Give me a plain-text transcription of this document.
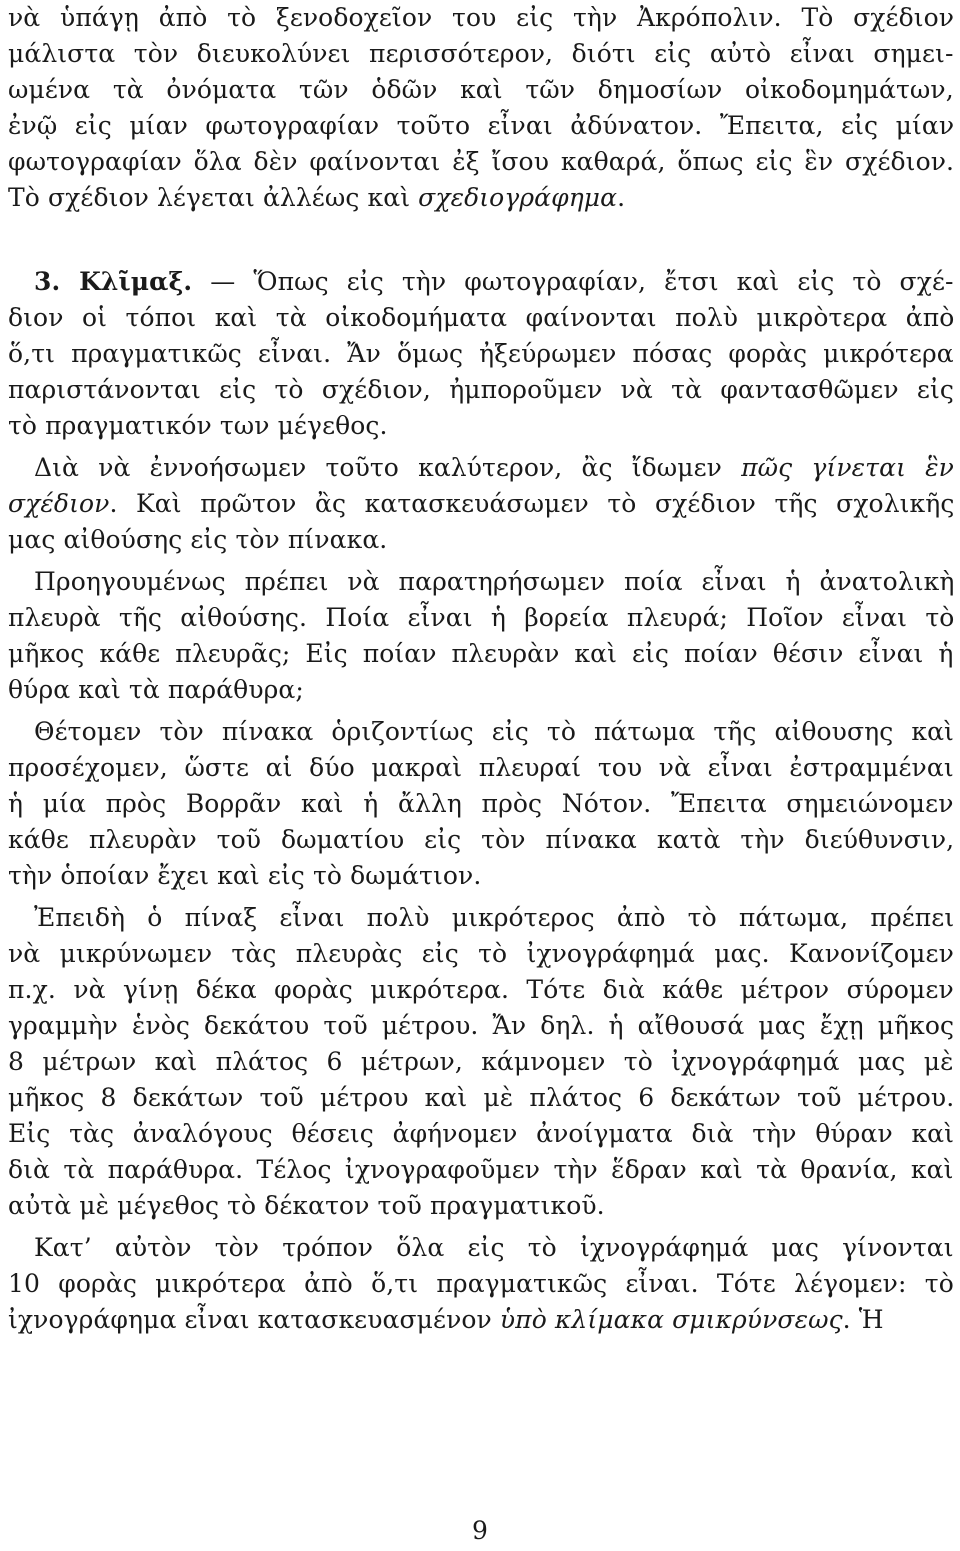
νὰ ὑπάγῃ ἀπὸ τὸ ξενοδοχεῖον του εἰς τὴν Ἀκρόπολιν. Τὸ σχέδιον
μάλιστα τὸν διευκολύνει περισσότερον, διότι εἰς αὐτὸ εἶναι σημει-
ωμένα τὰ ὀνόματα τῶν ὁδῶν καὶ τῶν δημοσίων οἰκοδομημάτων,
ἐνῷ εἰς μίαν φωτογραφίαν τοῦτο εἶναι ἀδύνατον. Ἔπειτα, εἰς μίαν
φωτογραφίαν ὅλα δὲν φαίνονται ἐξ ἴσου καθαρά, ὅπως εἰς ἓν σχέδιον.
Τὸ σχέδιον λέγεται ἀλλέως καὶ σχεδιογράφημα.
3. Κλῖμαξ. — Ὅπως εἰς τὴν φωτογραφίαν, ἔτσι καὶ εἰς τὸ σχέ-
διον οἱ τόποι καὶ τὰ οἰκοδομήματα φαίνονται πολὺ μικρὸτερα ἀπὸ
ὅ,τι πραγματικῶς εἶναι. Ἄν ὅμως ἠξεύρωμεν πόσας φορὰς μικρότερα
παριστάνονται εἰς τὸ σχέδιον, ἠμποροῦμεν νὰ τὰ φαντασθῶμεν εἰς
τὸ πραγματικόν των μέγεθος.
Διὰ νὰ ἐννοήσωμεν τοῦτο καλύτερον, ἂς ἴδωμεν πῶς γίνεται ἓν
σχέδιον. Καὶ πρῶτον ἂς κατασκευάσωμεν τὸ σχέδιον τῆς σχολικῆς
μας αἰθούσης εἰς τὸν πίνακα.
Προηγουμένως πρέπει νὰ παρατηρήσωμεν ποία εἶναι ἡ ἀνατολικὴ
πλευρὰ τῆς αἰθούσης. Ποία εἶναι ἡ βορεία πλευρά; Ποῖον εἶναι τὸ
μῆκος κάθε πλευρᾶς; Εἰς ποίαν πλευρὰν καὶ εἰς ποίαν θέσιν εἶναι ἡ
θύρα καὶ τὰ παράθυρα;
Θέτομεν τὸν πίνακα ὁριζοντίως εἰς τὸ πάτωμα τῆς αἰθουσης καὶ
προσέχομεν, ὥστε αἱ δύο μακραὶ πλευραί του νὰ εἶναι ἐστραμμέναι
ἡ μία πρὸς Βορρᾶν καὶ ἡ ἄλλη πρὸς Νότον. Ἔπειτα σημειώνομεν
κάθε πλευρὰν τοῦ δωματίου εἰς τὸν πίνακα κατὰ τὴν διεύθυνσιν,
τὴν ὁποίαν ἔχει καὶ εἰς τὸ δωμάτιον.
Ἐπειδὴ ὁ πίναξ εἶναι πολὺ μικρότερος ἀπὸ τὸ πάτωμα, πρέπει
νὰ μικρύνωμεν τὰς πλευρὰς εἰς τὸ ἰχνογράφημά μας. Κανονίζομεν
π.χ. νὰ γίνῃ δέκα φορὰς μικρότερα. Τότε διὰ κάθε μέτρον σύρομεν
γραμμὴν ἑνὸς δεκάτου τοῦ μέτρου. Ἄν δηλ. ἡ αἴθουσά μας ἔχῃ μῆκος
8 μέτρων καὶ πλάτος 6 μέτρων, κάμνομεν τὸ ἰχνογράφημά μας μὲ
μῆκος 8 δεκάτων τοῦ μέτρου καὶ μὲ πλάτος 6 δεκάτων τοῦ μέτρου.
Εἰς τὰς ἀναλόγους θέσεις ἀφήνομεν ἀνοίγματα διὰ τὴν θύραν καὶ
διὰ τὰ παράθυρα. Τέλος ἰχνογραφοῦμεν τὴν ἕδραν καὶ τὰ θρανία, καὶ
αὐτὰ μὲ μέγεθος τὸ δέκατον τοῦ πραγματικοῦ.
Κατ’ αὐτὸν τὸν τρόπον ὅλα εἰς τὸ ἰχνογράφημά μας γίνονται
10 φορὰς μικρότερα ἀπὸ ὅ,τι πραγματικῶς εἶναι. Τότε λέγομεν: τὸ
ἰχνογράφημα εἶναι κατασκευασμένον ὑπὸ κλίμακα σμικρύνσεως. Ἡ
9
